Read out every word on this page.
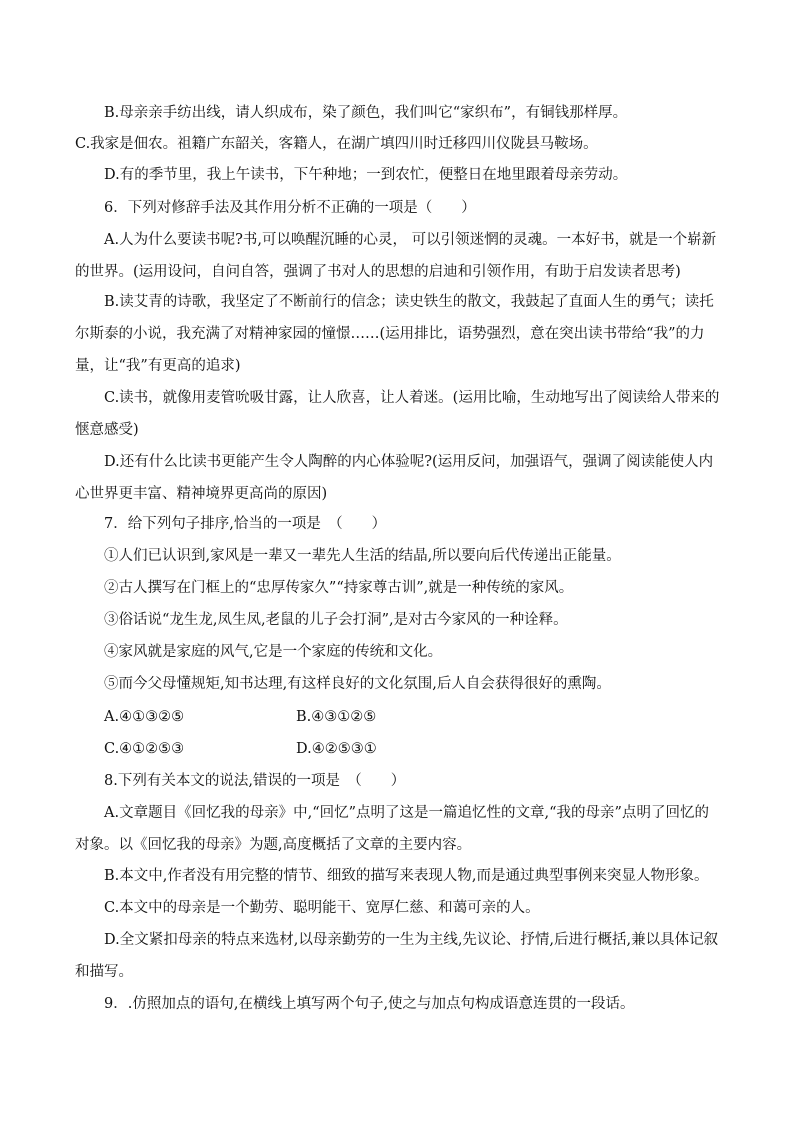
B.母亲亲手纺出线，请人织成布，染了颜色，我们叫它“家织布”，有铜钱那样厚。

C.我家是佃农。祖籍广东韶关，客籍人，在湖广填四川时迁移四川仪陇县马鞍场。

D.有的季节里，我上午读书，下午种地；一到农忙，便整日在地里跟着母亲劳动。

6．下列对修辞手法及其作用分析不正确的一项是（　　）

A.人为什么要读书呢?书,可以唤醒沉睡的心灵， 可以引领迷惘的灵魂。一本好书，就是一个崭新的世界。(运用设问，自问自答，强调了书对人的思想的启迪和引领作用，有助于启发读者思考)

B.读艾青的诗歌，我坚定了不断前行的信念；读史铁生的散文，我鼓起了直面人生的勇气；读托尔斯泰的小说，我充满了对精神家园的憧憬……(运用排比，语势强烈，意在突出读书带给“我”的力量，让“我”有更高的追求)

C.读书，就像用麦管吮吸甘露，让人欣喜，让人着迷。(运用比喻，生动地写出了阅读给人带来的惬意感受)

D.还有什么比读书更能产生令人陶醉的内心体验呢?(运用反问，加强语气，强调了阅读能使人内心世界更丰富、精神境界更高尚的原因)

7．给下列句子排序,恰当的一项是　（　　）

①人们已认识到,家风是一辈又一辈先人生活的结晶,所以要向后代传递出正能量。

②古人撰写在门框上的“忠厚传家久”“持家尊古训”,就是一种传统的家风。

③俗话说“龙生龙,凤生凤,老鼠的儿子会打洞”,是对古今家风的一种诠释。

④家风就是家庭的风气,它是一个家庭的传统和文化。

⑤而今父母懂规矩,知书达理,有这样良好的文化氛围,后人自会获得很好的熏陶。

A.④①③②⑤	B.④③①②⑤
C.④①②⑤③	D.④②⑤③①

8.下列有关本文的说法,错误的一项是　（　　）

A.文章题目《回忆我的母亲》中,“回忆”点明了这是一篇追忆性的文章,“我的母亲”点明了回忆的对象。以《回忆我的母亲》为题,高度概括了文章的主要内容。

B.本文中,作者没有用完整的情节、细致的描写来表现人物,而是通过典型事例来突显人物形象。

C.本文中的母亲是一个勤劳、聪明能干、宽厚仁慈、和蔼可亲的人。

D.全文紧扣母亲的特点来选材,以母亲勤劳的一生为主线,先议论、抒情,后进行概括,兼以具体记叙和描写。

9．.仿照加点的语句,在横线上填写两个句子,使之与加点句构成语意连贯的一段话。
